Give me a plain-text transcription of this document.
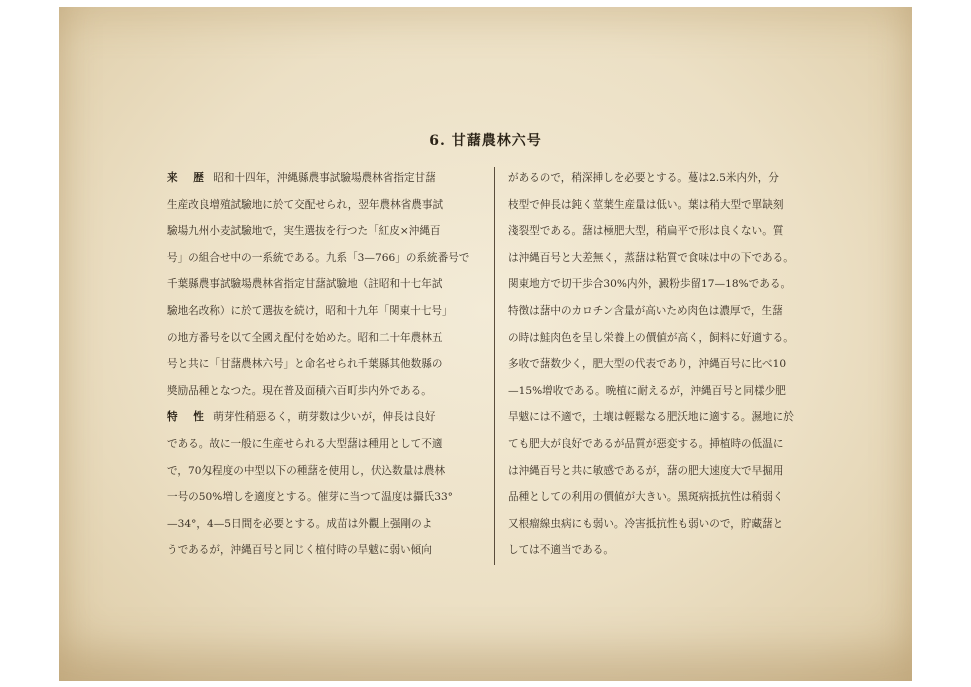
6. 甘藷農林六号
来 歴 昭和十四年，沖縄縣農事試驗場農林省指定甘藷
生産改良增殖試驗地に於て交配せられ，翌年農林省農事試
驗場九州小麦試驗地で，実生選抜を行つた「紅皮×沖縄百
号」の組合せ中の一系統である。九系「3—766」の系統番号で
千葉縣農事試驗場農林省指定甘藷試驗地（註昭和十七年試
驗地名改称）に於て選抜を続け，昭和十九年「関東十七号」
の地方番号を以て全國え配付を始めた。昭和二十年農林五
号と共に「甘藷農林六号」と命名せられ千葉縣其他数縣の
奬励品種となつた。現在普及面積六百町歩内外である。
特 性 萌芽性稍惡るく，萌芽数は少いが，伸長は良好
である。故に一般に生産せられる大型藷は種用として不適
で，70匁程度の中型以下の種藷を使用し，伏込数量は農林
一号の50%増しを適度とする。催芽に当つて温度は攝氏33°
—34°，4—5日間を必要とする。成苗は外觀上强剛のよ
うであるが，沖縄百号と同じく植付時の旱魃に弱い傾向
があるので，稍深挿しを必要とする。蔓は2.5米内外，分
枝型で伸長は鈍く莖葉生産量は低い。葉は稍大型で單缺刻
淺裂型である。藷は極肥大型，稍扁平で形は良くない。質
は沖縄百号と大差無く，蒸藷は粘質で食味は中の下である。
関東地方で切干歩合30%内外，澱粉歩留17—18%である。
特徴は藷中のカロチン含量が高いため肉色は濃厚で，生藷
の時は鮭肉色を呈し栄養上の價値が高く，飼料に好適する。
多收で藷数少く，肥大型の代表であり，沖縄百号に比べ10
—15%增收である。晩植に耐えるが，沖縄百号と同樣少肥
旱魃には不適で，土壤は輕鬆なる肥沃地に適する。濕地に於
ても肥大が良好であるが品質が惡変する。挿植時の低温に
は沖縄百号と共に敏感であるが，藷の肥大速度大で早掘用
品種としての利用の價値が大きい。黑斑病抵抗性は稍弱く
又根瘤線虫病にも弱い。冷害抵抗性も弱いので，貯藏藷と
しては不適当である。
